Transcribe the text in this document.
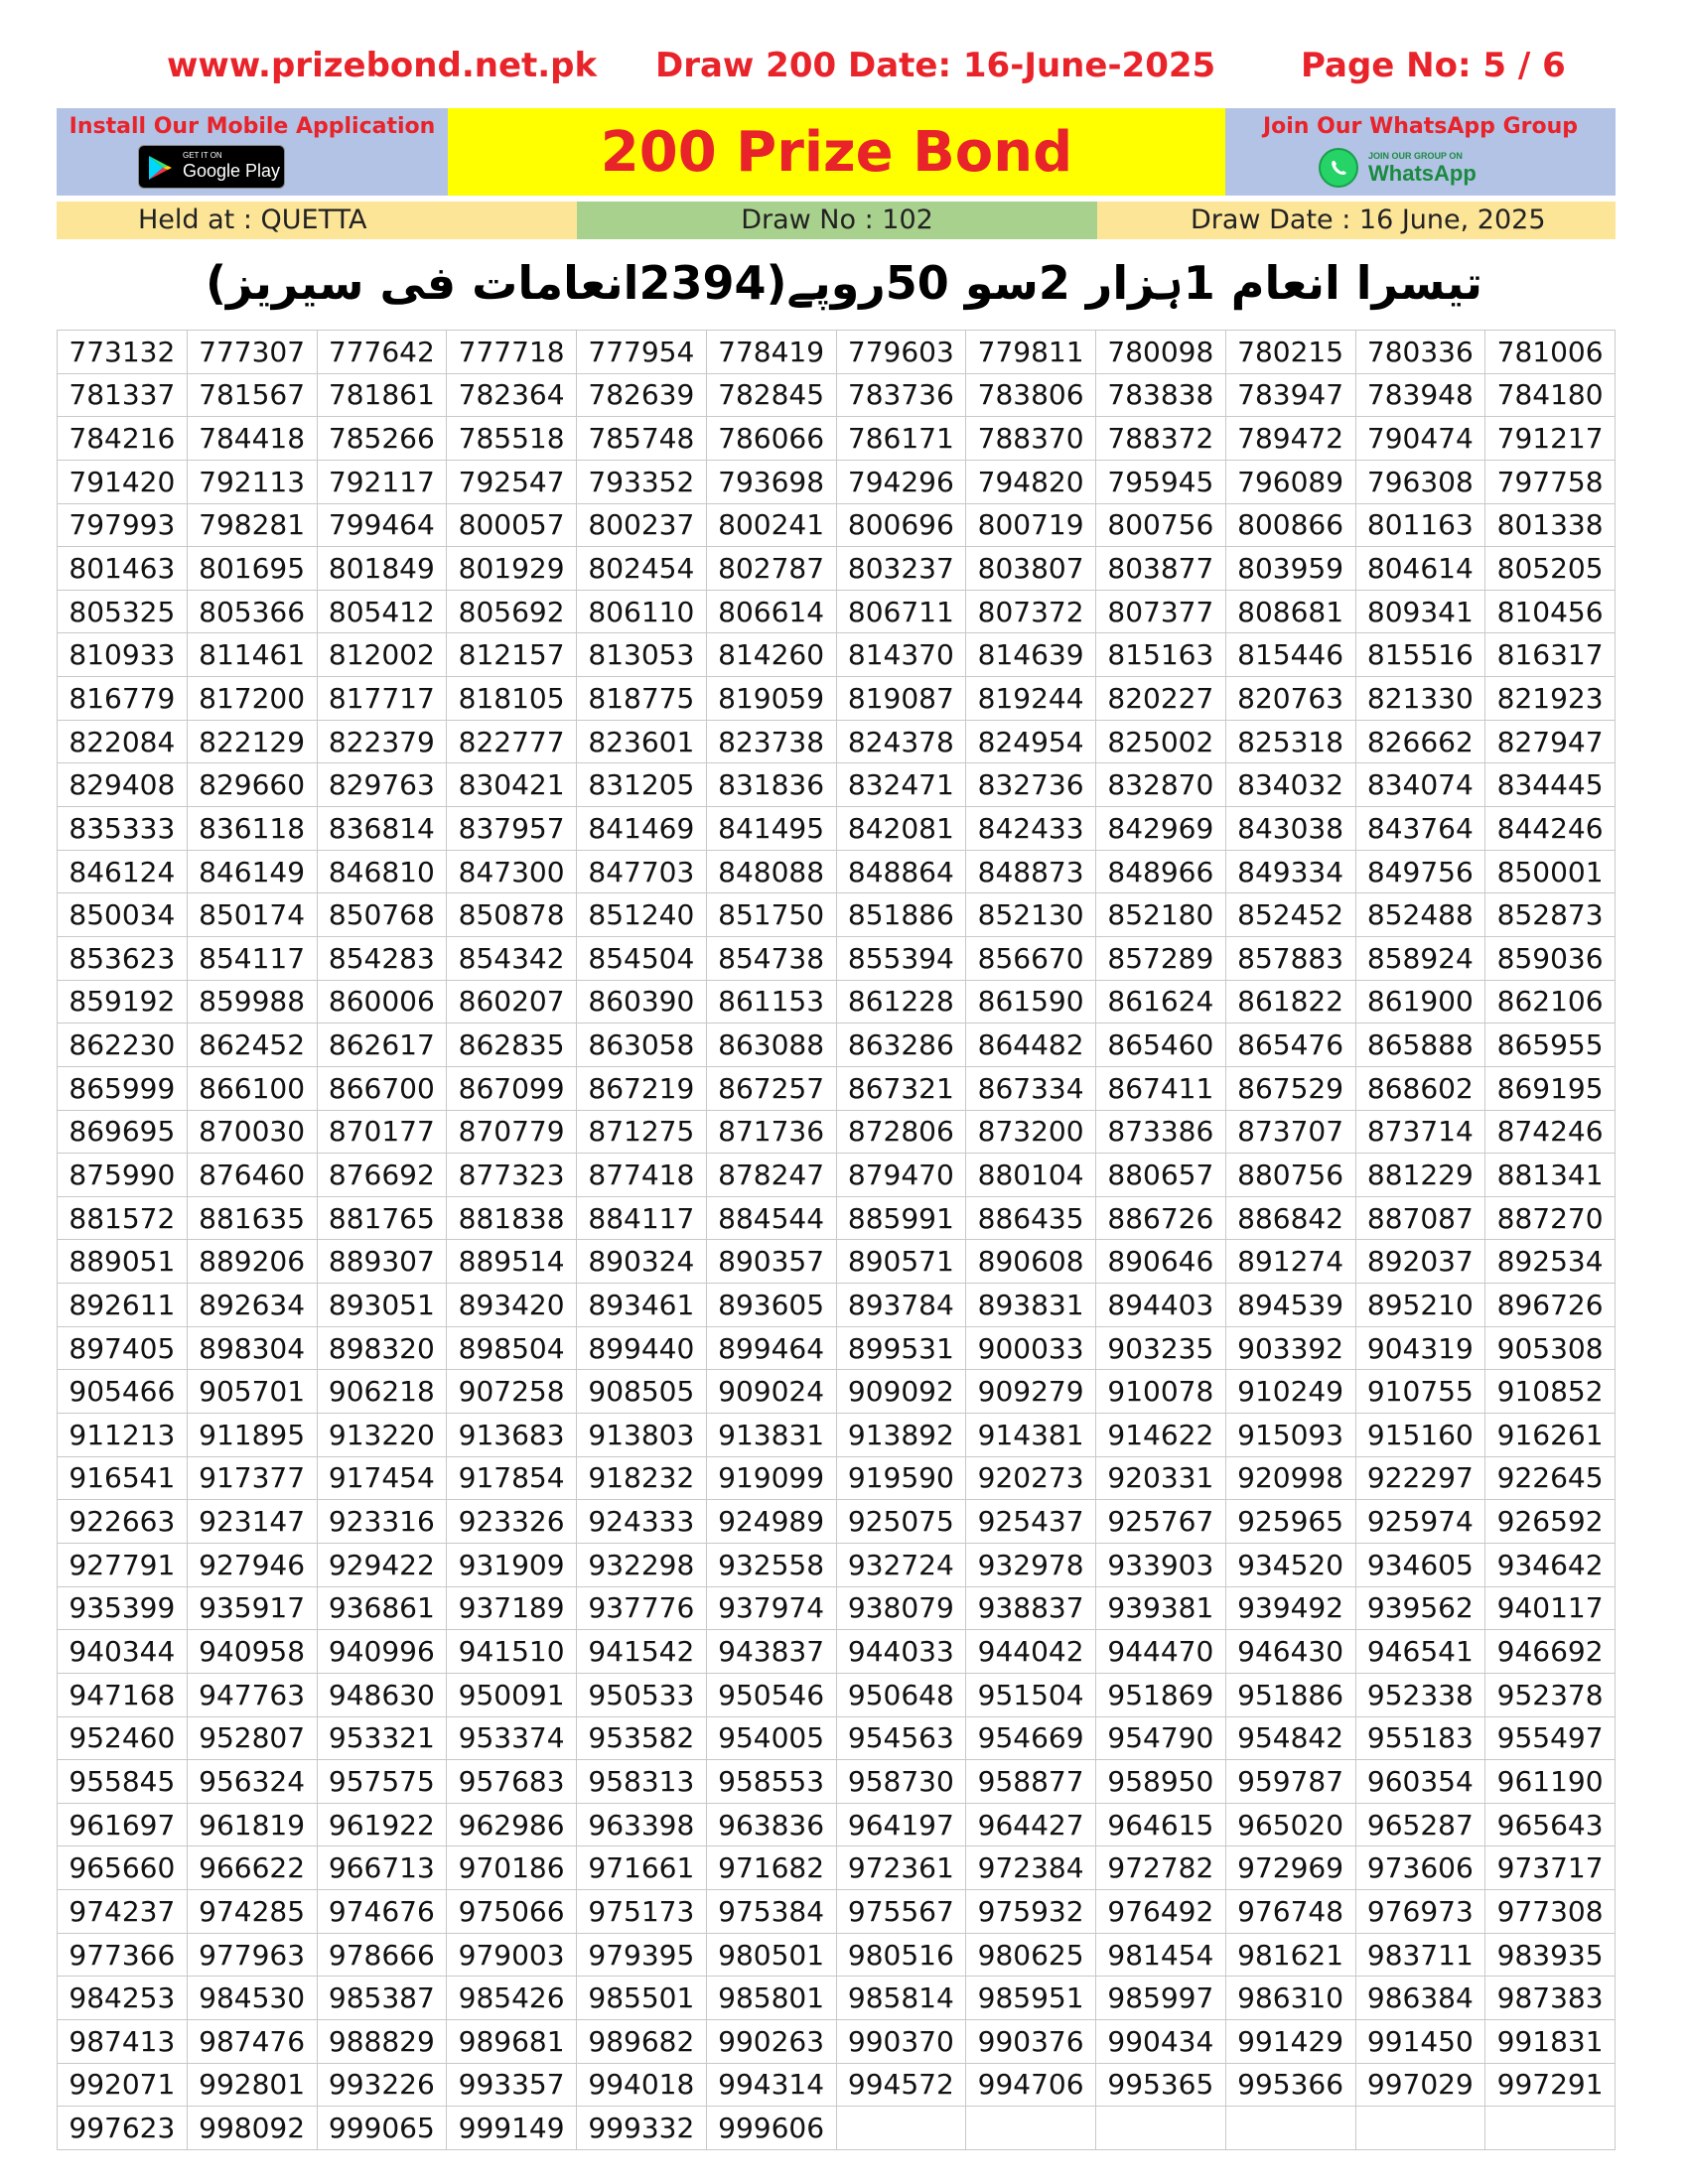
www.prizebond.net.pk Draw 200 Date: 16-June-2025	Page No: 5 / 6
Install Our Mobile Application
GET IT ON
Google Play	200 Prize Bond	Join Our WhatsApp Group
JOIN OUR GROUP ON
WhatsApp
Held at : QUETTA	Draw No : 102	Draw Date : 16 June, 2025
تیسرا انعام 1ہزار 2سو 50روپے(2394انعامات فی سیریز)
773132	777307	777642	777718	777954	778419	779603	779811	780098	780215	780336	781006
781337	781567	781861	782364	782639	782845	783736	783806	783838	783947	783948	784180
784216	784418	785266	785518	785748	786066	786171	788370	788372	789472	790474	791217
791420	792113	792117	792547	793352	793698	794296	794820	795945	796089	796308	797758
797993	798281	799464	800057	800237	800241	800696	800719	800756	800866	801163	801338
801463	801695	801849	801929	802454	802787	803237	803807	803877	803959	804614	805205
805325	805366	805412	805692	806110	806614	806711	807372	807377	808681	809341	810456
810933	811461	812002	812157	813053	814260	814370	814639	815163	815446	815516	816317
816779	817200	817717	818105	818775	819059	819087	819244	820227	820763	821330	821923
822084	822129	822379	822777	823601	823738	824378	824954	825002	825318	826662	827947
829408	829660	829763	830421	831205	831836	832471	832736	832870	834032	834074	834445
835333	836118	836814	837957	841469	841495	842081	842433	842969	843038	843764	844246
846124	846149	846810	847300	847703	848088	848864	848873	848966	849334	849756	850001
850034	850174	850768	850878	851240	851750	851886	852130	852180	852452	852488	852873
853623	854117	854283	854342	854504	854738	855394	856670	857289	857883	858924	859036
859192	859988	860006	860207	860390	861153	861228	861590	861624	861822	861900	862106
862230	862452	862617	862835	863058	863088	863286	864482	865460	865476	865888	865955
865999	866100	866700	867099	867219	867257	867321	867334	867411	867529	868602	869195
869695	870030	870177	870779	871275	871736	872806	873200	873386	873707	873714	874246
875990	876460	876692	877323	877418	878247	879470	880104	880657	880756	881229	881341
881572	881635	881765	881838	884117	884544	885991	886435	886726	886842	887087	887270
889051	889206	889307	889514	890324	890357	890571	890608	890646	891274	892037	892534
892611	892634	893051	893420	893461	893605	893784	893831	894403	894539	895210	896726
897405	898304	898320	898504	899440	899464	899531	900033	903235	903392	904319	905308
905466	905701	906218	907258	908505	909024	909092	909279	910078	910249	910755	910852
911213	911895	913220	913683	913803	913831	913892	914381	914622	915093	915160	916261
916541	917377	917454	917854	918232	919099	919590	920273	920331	920998	922297	922645
922663	923147	923316	923326	924333	924989	925075	925437	925767	925965	925974	926592
927791	927946	929422	931909	932298	932558	932724	932978	933903	934520	934605	934642
935399	935917	936861	937189	937776	937974	938079	938837	939381	939492	939562	940117
940344	940958	940996	941510	941542	943837	944033	944042	944470	946430	946541	946692
947168	947763	948630	950091	950533	950546	950648	951504	951869	951886	952338	952378
952460	952807	953321	953374	953582	954005	954563	954669	954790	954842	955183	955497
955845	956324	957575	957683	958313	958553	958730	958877	958950	959787	960354	961190
961697	961819	961922	962986	963398	963836	964197	964427	964615	965020	965287	965643
965660	966622	966713	970186	971661	971682	972361	972384	972782	972969	973606	973717
974237	974285	974676	975066	975173	975384	975567	975932	976492	976748	976973	977308
977366	977963	978666	979003	979395	980501	980516	980625	981454	981621	983711	983935
984253	984530	985387	985426	985501	985801	985814	985951	985997	986310	986384	987383
987413	987476	988829	989681	989682	990263	990370	990376	990434	991429	991450	991831
992071	992801	993226	993357	994018	994314	994572	994706	995365	995366	997029	997291
997623	998092	999065	999149	999332	999606						
